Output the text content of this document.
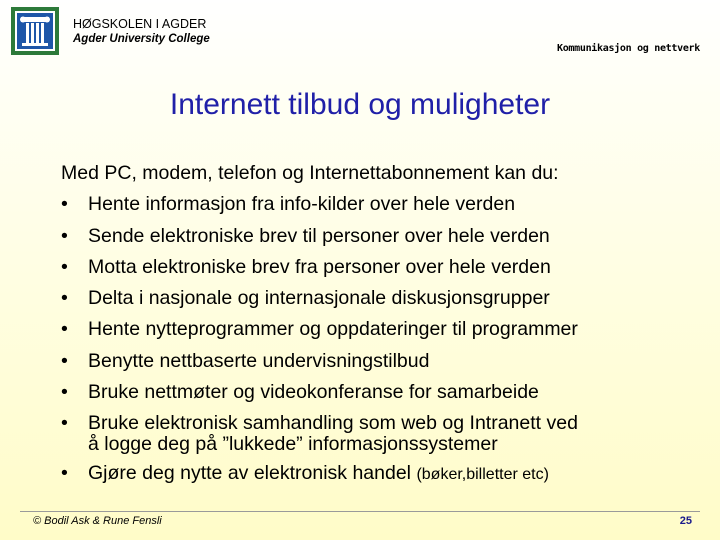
HØGSKOLEN I AGDER
Agder University College
Kommunikasjon og nettverk
Internett tilbud og muligheter

Med PC, modem, telefon og Internettabonnement kan du:

• Hente informasjon fra info-kilder over hele verden
• Sende elektroniske brev til personer over hele verden
• Motta elektroniske brev fra personer over hele verden
• Delta i nasjonale og internasjonale diskusjonsgrupper
• Hente nytteprogrammer og oppdateringer til programmer
• Benytte nettbaserte undervisningstilbud
• Bruke nettmøter og videokonferanse for samarbeide
• Bruke elektronisk samhandling som web og Intranett ved
å logge deg på ”lukkede” informasjonssystemer
• Gjøre deg nytte av elektronisk handel (bøker,billetter etc)
© Bodil Ask & Rune Fensli	25
